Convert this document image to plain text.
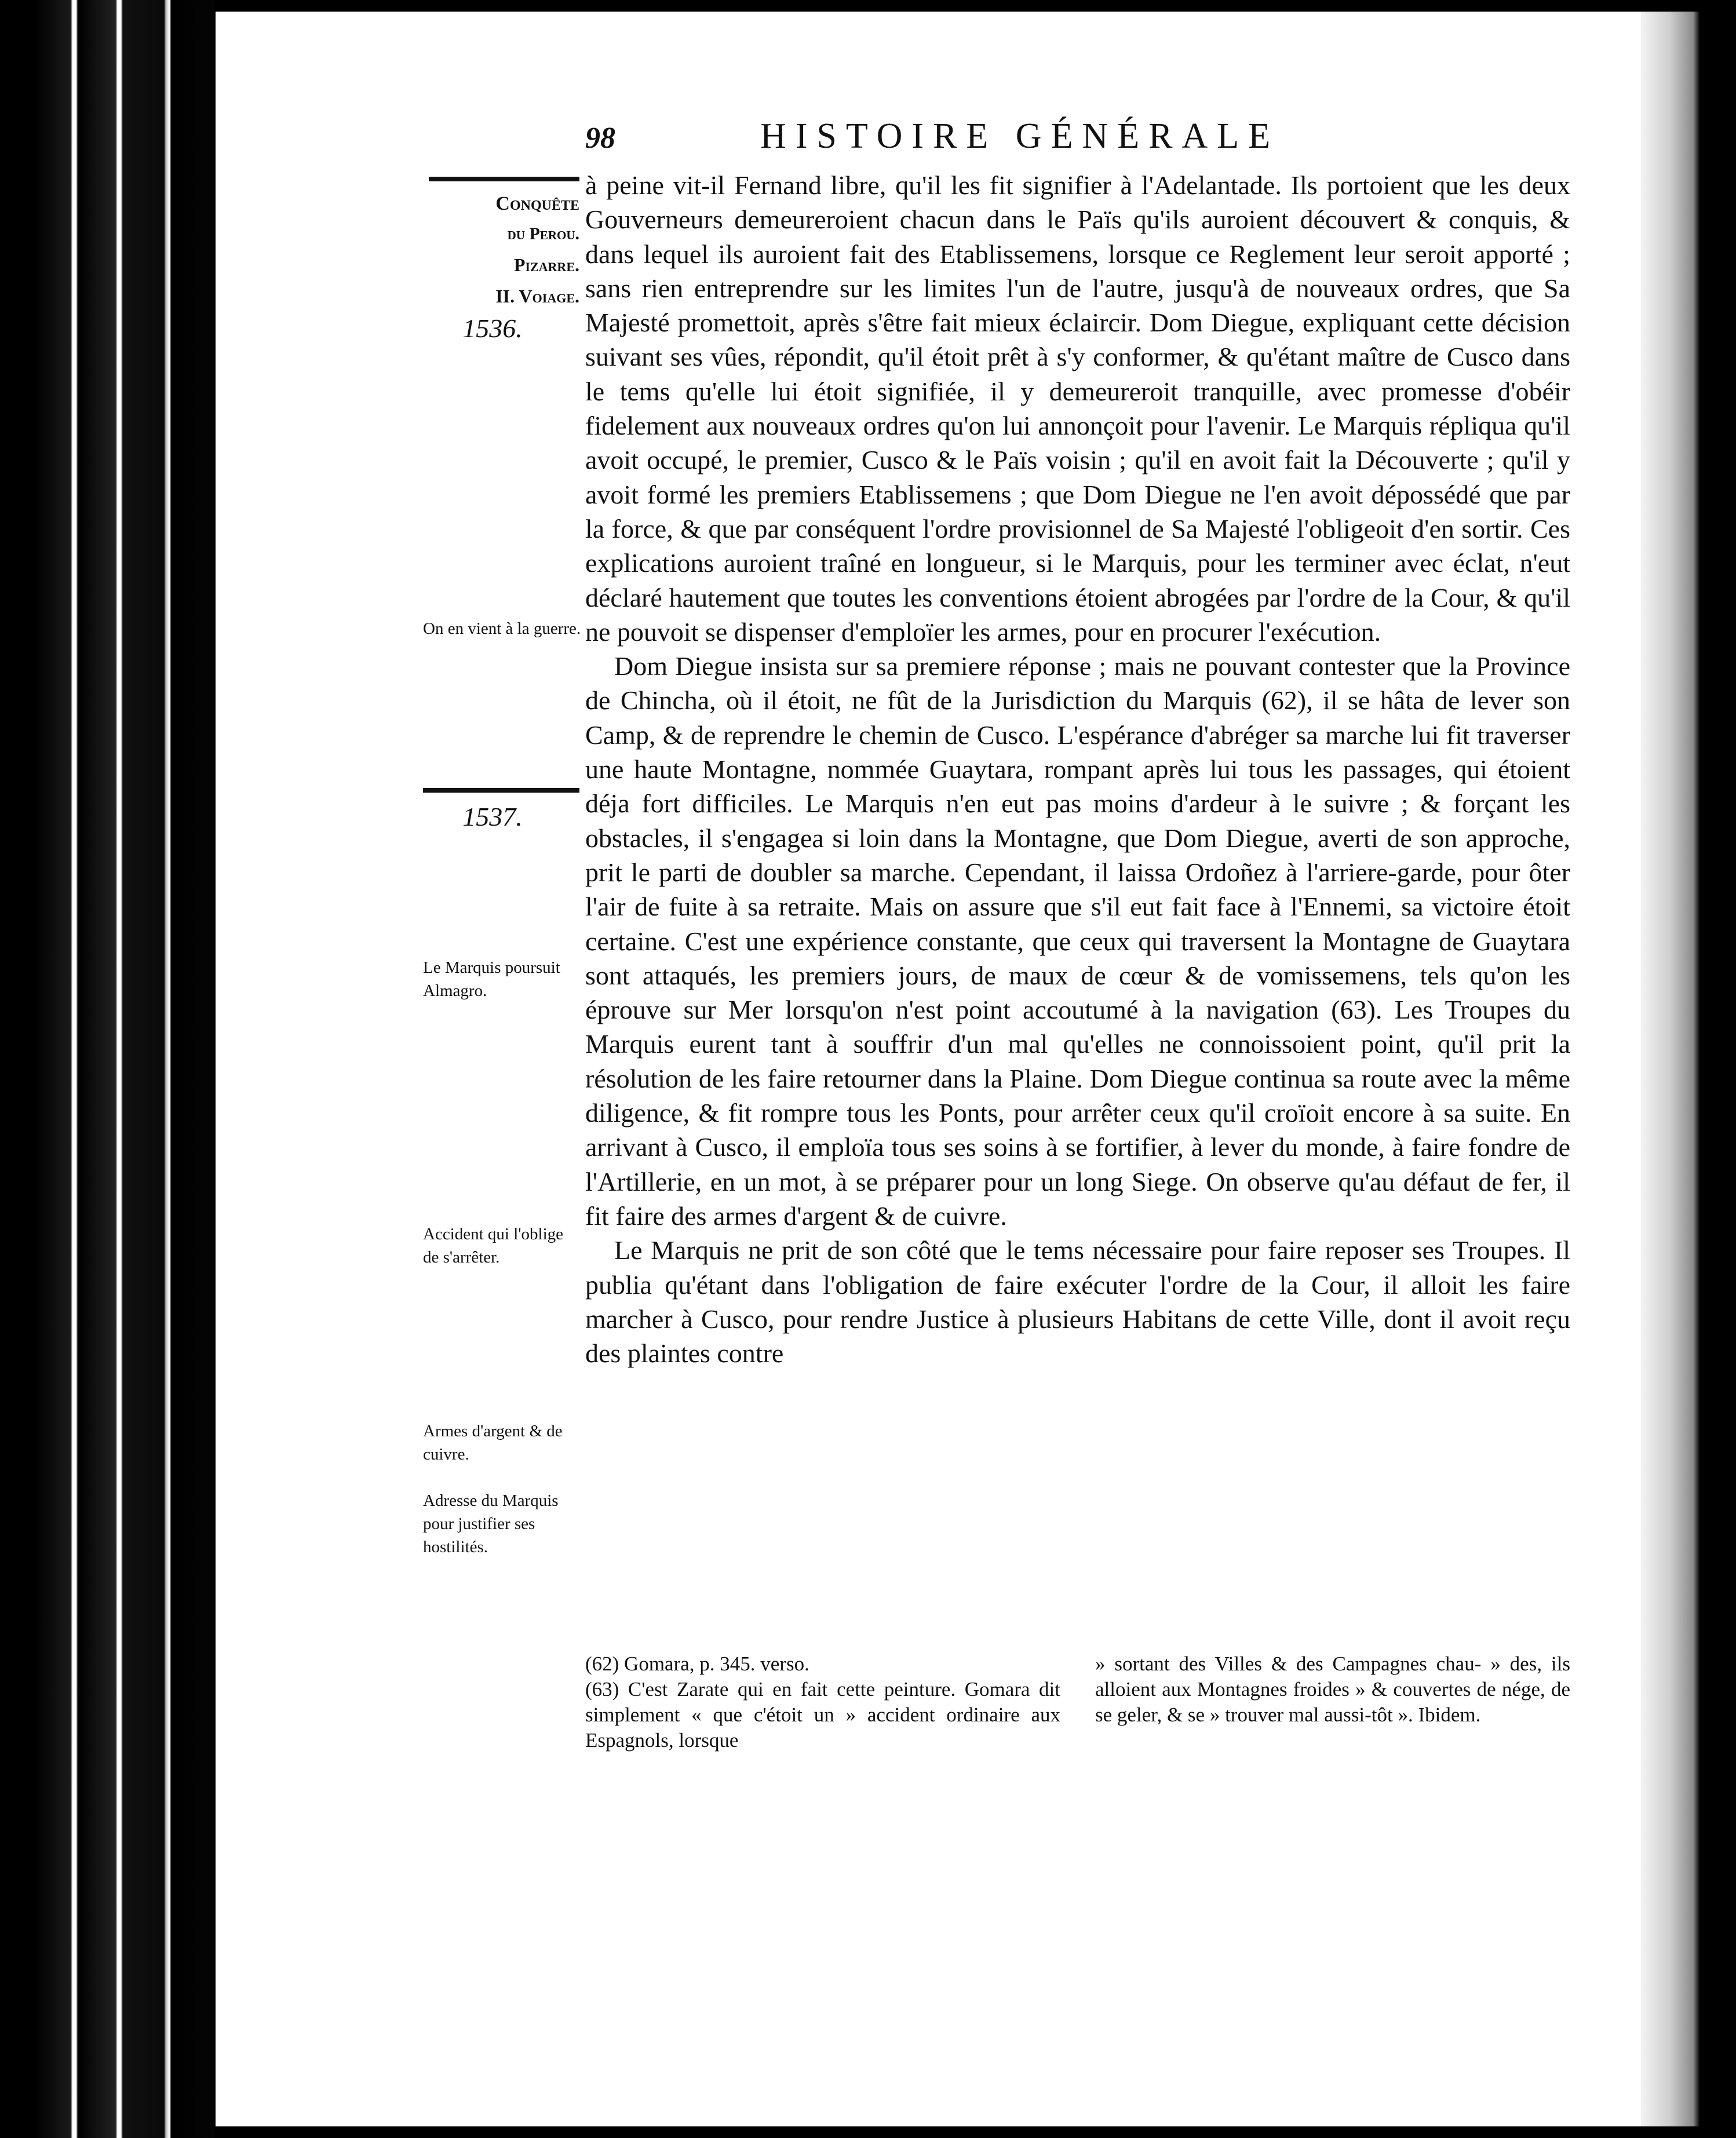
98	HISTOIRE GÉNÉRALE
Conquête
du Perou.
Pizarre.
II. Voiage.
1536.
On en vient à la guerre.
1537.
Le Marquis poursuit Almagro.
Accident qui l'oblige de s'arrêter.
Armes d'argent & de cuivre.
Adresse du Marquis pour justifier ses hostilités.

à peine vit-il Fernand libre, qu'il les fit signifier à l'Adelantade. Ils portoient que les deux Gouverneurs demeureroient chacun dans le Païs qu'ils auroient découvert & conquis, & dans lequel ils auroient fait des Etablissemens, lorsque ce Reglement leur seroit apporté ; sans rien entreprendre sur les limites l'un de l'autre, jusqu'à de nouveaux ordres, que Sa Majesté promettoit, après s'être fait mieux éclaircir. Dom Diegue, expliquant cette décision suivant ses vûes, répondit, qu'il étoit prêt à s'y conformer, & qu'étant maître de Cusco dans le tems qu'elle lui étoit signifiée, il y demeureroit tranquille, avec promesse d'obéir fidelement aux nouveaux ordres qu'on lui annonçoit pour l'avenir. Le Marquis répliqua qu'il avoit occupé, le premier, Cusco & le Païs voisin ; qu'il en avoit fait la Découverte ; qu'il y avoit formé les premiers Etablissemens ; que Dom Diegue ne l'en avoit dépossédé que par la force, & que par conséquent l'ordre provisionnel de Sa Majesté l'obligeoit d'en sortir. Ces explications auroient traîné en longueur, si le Marquis, pour les terminer avec éclat, n'eut déclaré hautement que toutes les conventions étoient abrogées par l'ordre de la Cour, & qu'il ne pouvoit se dispenser d'emploïer les armes, pour en procurer l'exécution.

Dom Diegue insista sur sa premiere réponse ; mais ne pouvant contester que la Province de Chincha, où il étoit, ne fût de la Jurisdiction du Marquis (62), il se hâta de lever son Camp, & de reprendre le chemin de Cusco. L'espérance d'abréger sa marche lui fit traverser une haute Montagne, nommée Guaytara, rompant après lui tous les passages, qui étoient déja fort difficiles. Le Marquis n'en eut pas moins d'ardeur à le suivre ; & forçant les obstacles, il s'engagea si loin dans la Montagne, que Dom Diegue, averti de son approche, prit le parti de doubler sa marche. Cependant, il laissa Ordoñez à l'arriere-garde, pour ôter l'air de fuite à sa retraite. Mais on assure que s'il eut fait face à l'Ennemi, sa victoire étoit certaine. C'est une expérience constante, que ceux qui traversent la Montagne de Guaytara sont attaqués, les premiers jours, de maux de cœur & de vomissemens, tels qu'on les éprouve sur Mer lorsqu'on n'est point accoutumé à la navigation (63). Les Troupes du Marquis eurent tant à souffrir d'un mal qu'elles ne connoissoient point, qu'il prit la résolution de les faire retourner dans la Plaine. Dom Diegue continua sa route avec la même diligence, & fit rompre tous les Ponts, pour arrêter ceux qu'il croïoit encore à sa suite. En arrivant à Cusco, il emploïa tous ses soins à se fortifier, à lever du monde, à faire fondre de l'Artillerie, en un mot, à se préparer pour un long Siege. On observe qu'au défaut de fer, il fit faire des armes d'argent & de cuivre.

Le Marquis ne prit de son côté que le tems nécessaire pour faire reposer ses Troupes. Il publia qu'étant dans l'obligation de faire exécuter l'ordre de la Cour, il alloit les faire marcher à Cusco, pour rendre Justice à plusieurs Habitans de cette Ville, dont il avoit reçu des plaintes contre

(62) Gomara, p. 345. verso.

(63) C'est Zarate qui en fait cette peinture. Gomara dit simplement « que c'étoit un » accident ordinaire aux Espagnols, lorsque

» sortant des Villes & des Campagnes chau- » des, ils alloient aux Montagnes froides » & couvertes de nége, de se geler, & se » trouver mal aussi-tôt ». Ibidem.
